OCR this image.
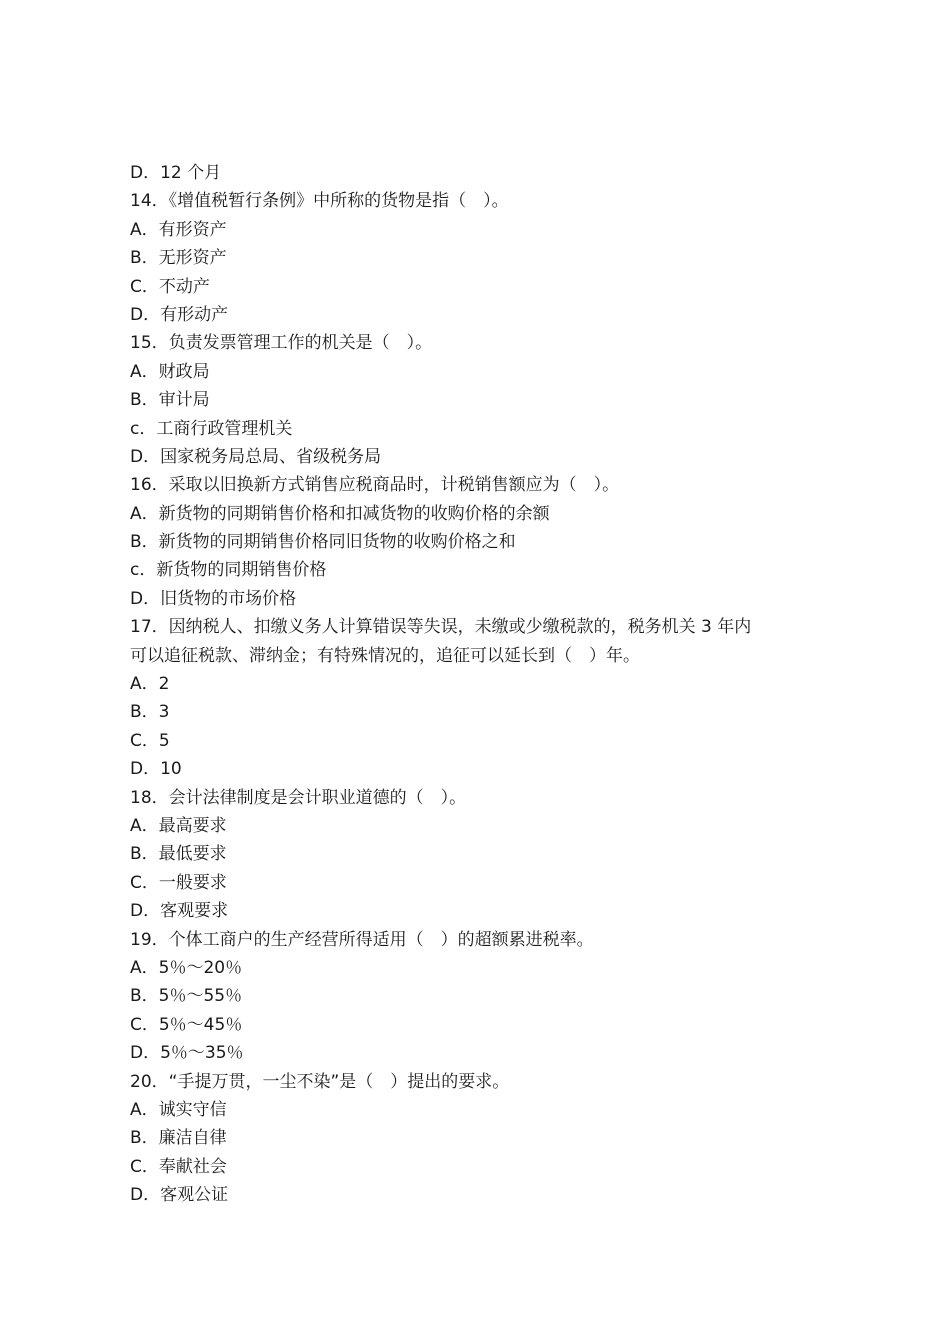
D．12 个月
14．《增值税暂行条例》中所称的货物是指（　）。
A．有形资产
B．无形资产
C．不动产
D．有形动产
15．负责发票管理工作的机关是（　）。
A．财政局
B．审计局
c．工商行政管理机关
D．国家税务局总局、省级税务局
16．采取以旧换新方式销售应税商品时，计税销售额应为（　）。
A．新货物的同期销售价格和扣减货物的收购价格的余额
B．新货物的同期销售价格同旧货物的收购价格之和
c．新货物的同期销售价格
D．旧货物的市场价格
17．因纳税人、扣缴义务人计算错误等失误，未缴或少缴税款的，税务机关 3 年内
可以追征税款、滞纳金；有特殊情况的，追征可以延长到（　）年。
A．2
B．3
C．5
D．10
18．会计法律制度是会计职业道德的（　）。
A．最高要求
B．最低要求
C．一般要求
D．客观要求
19．个体工商户的生产经营所得适用（　）的超额累进税率。
A．5％～20％
B．5％～55％
C．5％～45％
D．5％～35％
20．“手提万贯，一尘不染”是（　）提出的要求。
A．诚实守信
B．廉洁自律
C．奉献社会
D．客观公证
